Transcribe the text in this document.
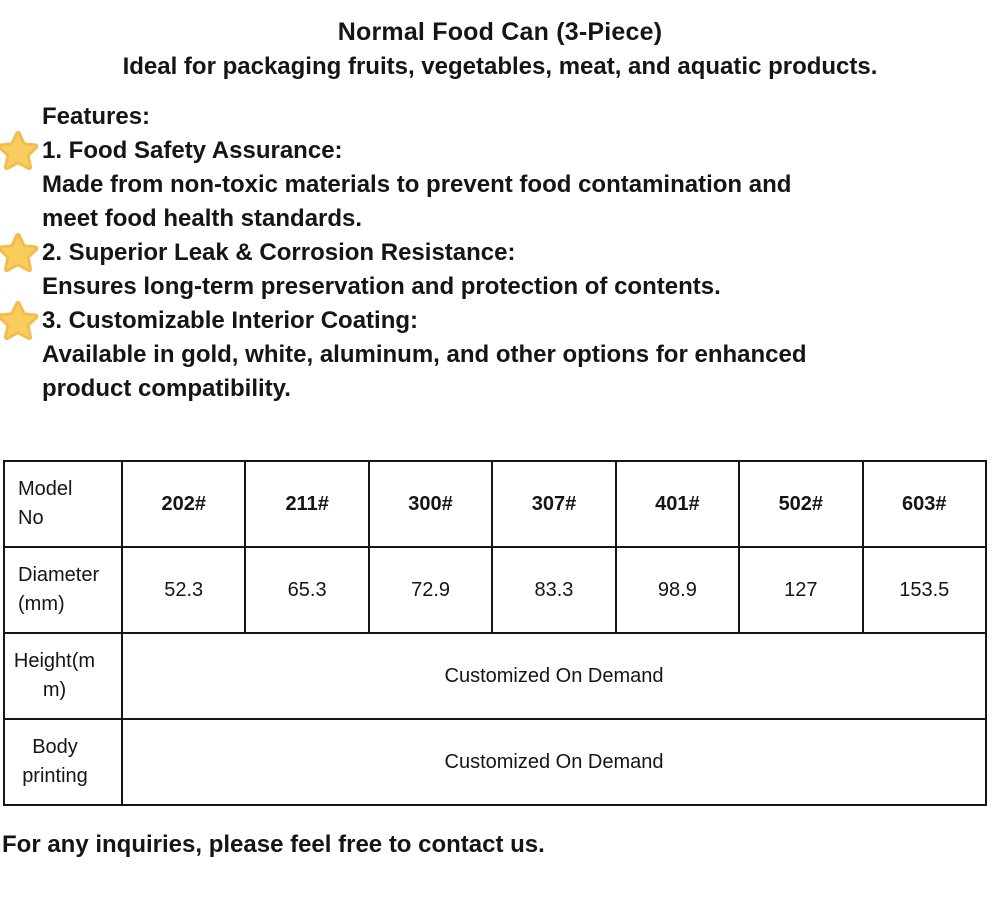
Normal Food Can (3-Piece)
Ideal for packaging fruits, vegetables, meat, and aquatic products.
Features:
1. Food Safety Assurance:
Made from non-toxic materials to prevent food contamination and
meet food health standards.
2. Superior Leak & Corrosion Resistance:
Ensures long-term preservation and protection of contents.
3. Customizable Interior Coating:
Available in gold, white, aluminum, and other options for enhanced
product compatibility.
Model No	202#	211#	300#	307#	401#	502#	603#

Diameter (mm)	52.3	65.3	72.9	83.3	98.9	127	153.5

Height(mm)	Customized On Demand						

Body printing	Customized On Demand						
For any inquiries, please feel free to contact us.
